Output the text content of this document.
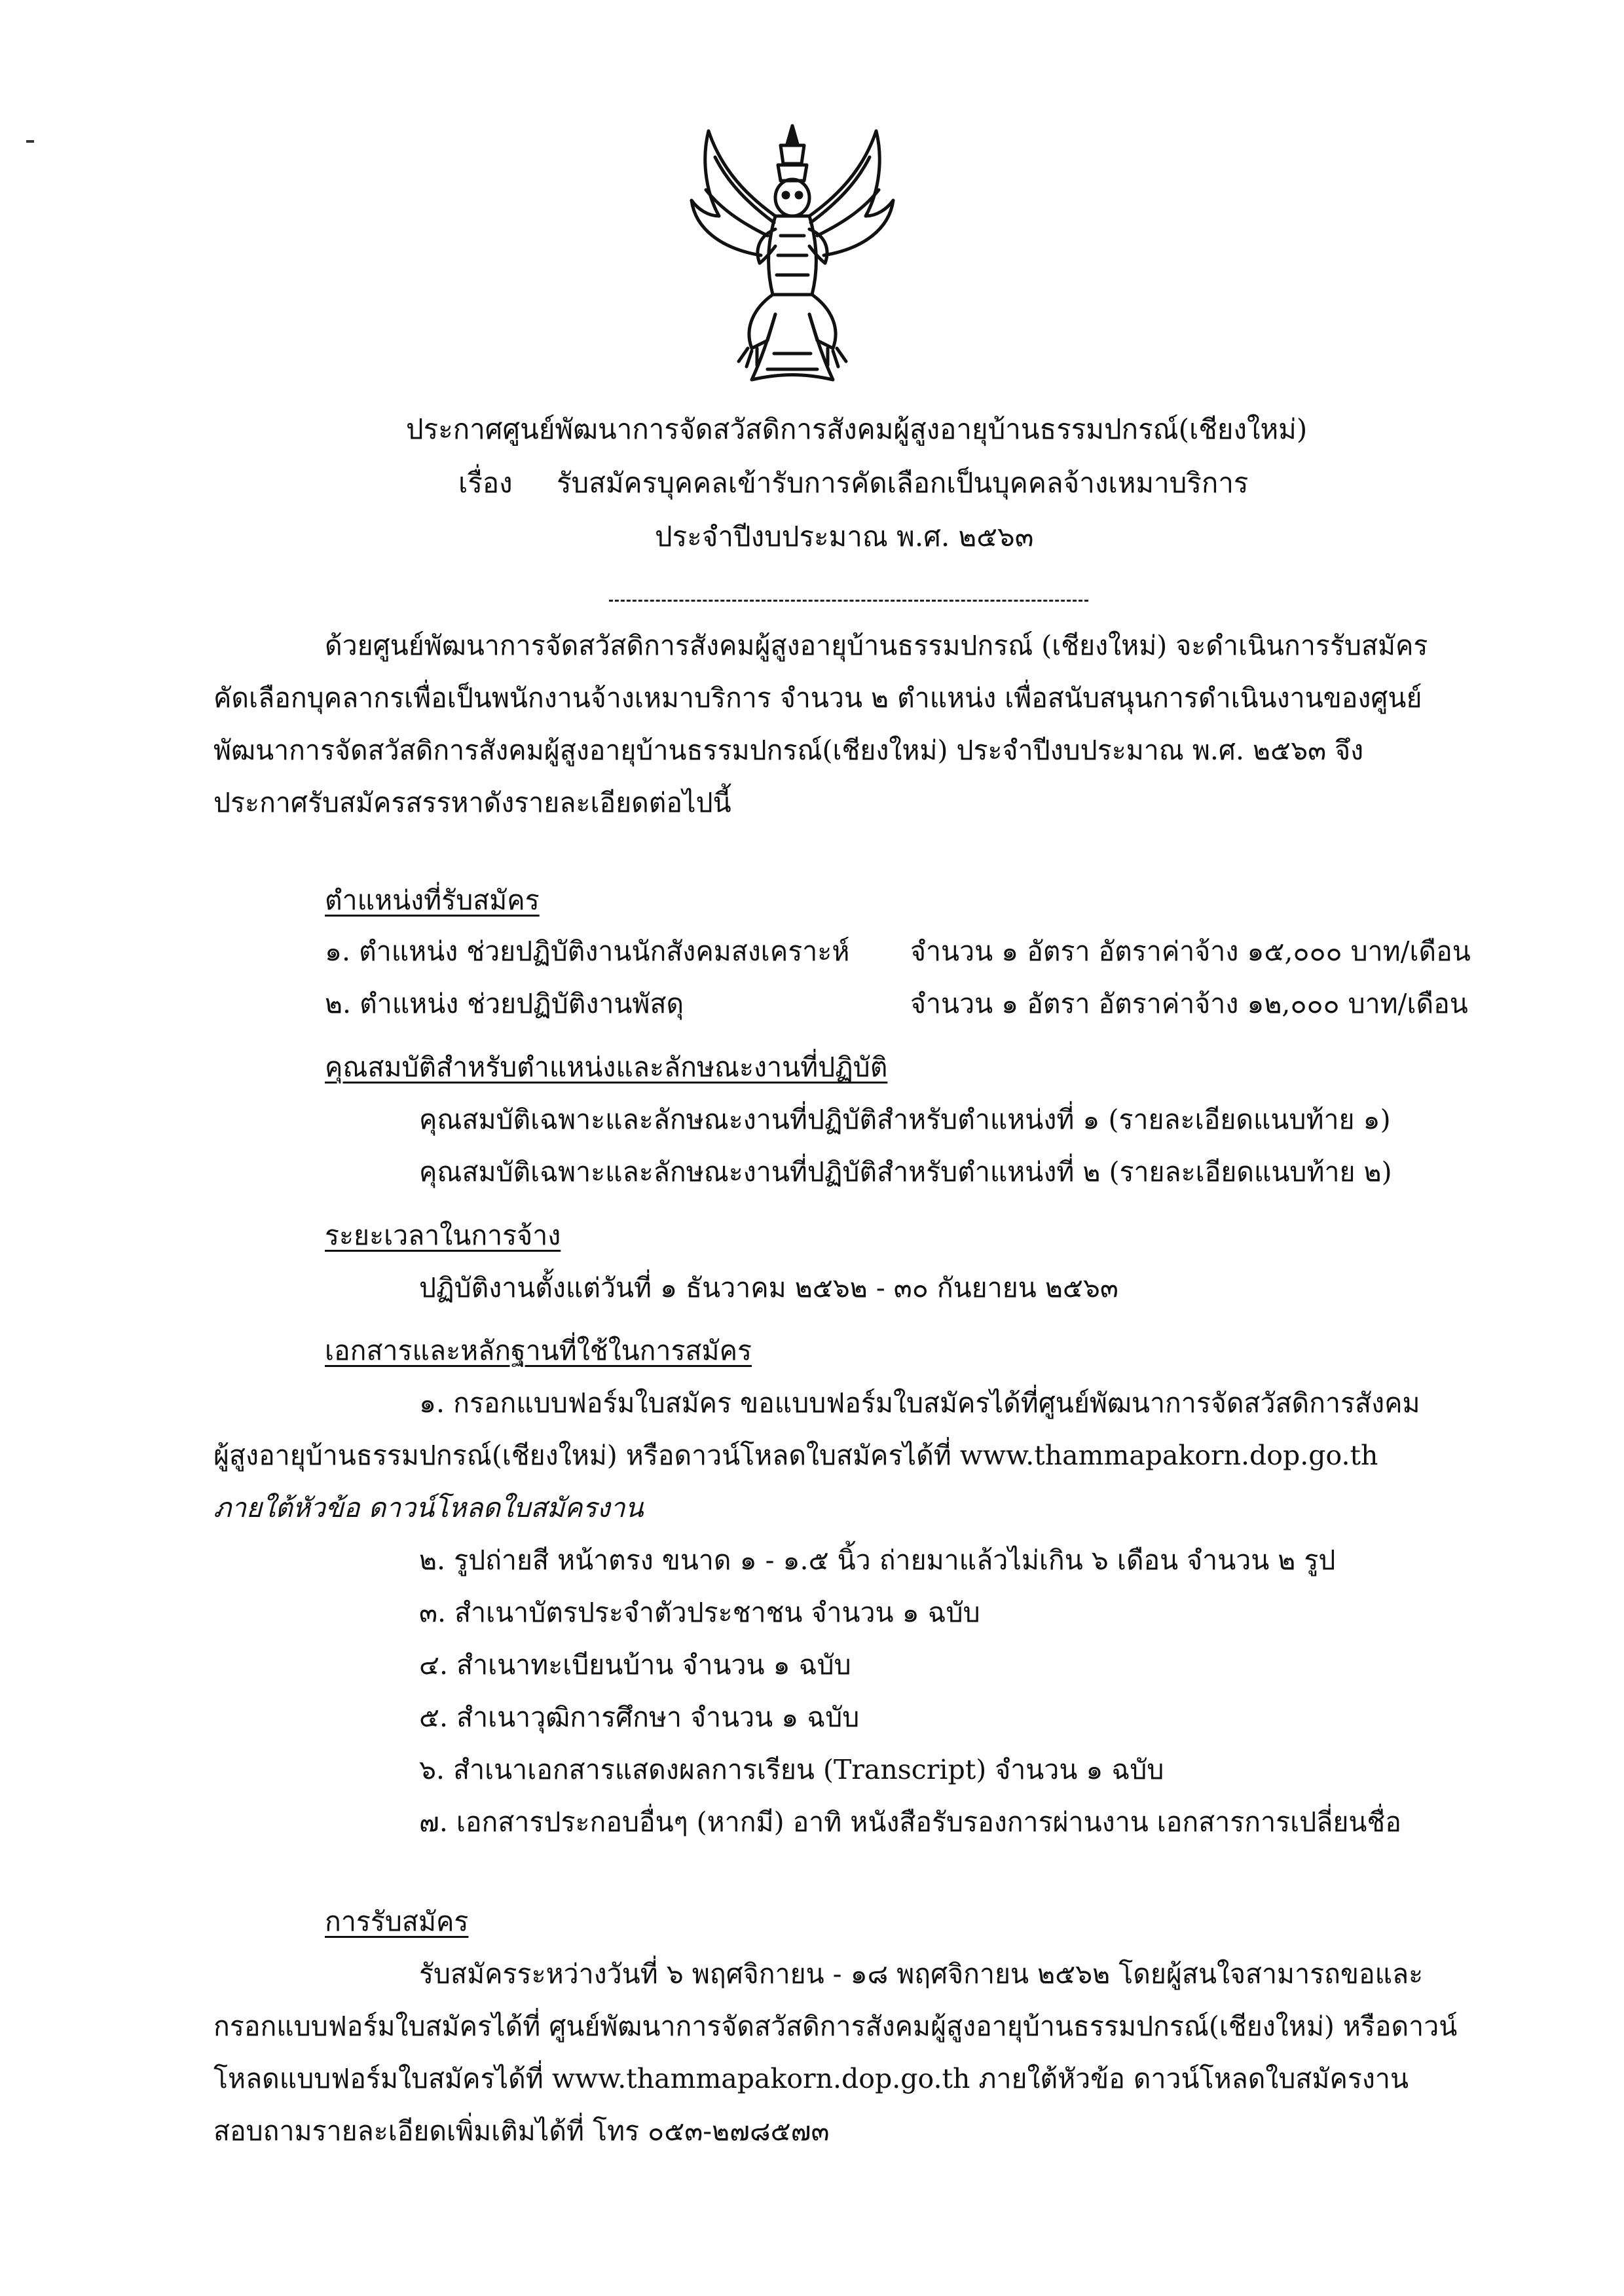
ประกาศศูนย์พัฒนาการจัดสวัสดิการสังคมผู้สูงอายุบ้านธรรมปกรณ์(เชียงใหม่)
เรื่อง รับสมัครบุคคลเข้ารับการคัดเลือกเป็นบุคคลจ้างเหมาบริการ
ประจำปีงบประมาณ พ.ศ. ๒๕๖๓
ด้วยศูนย์พัฒนาการจัดสวัสดิการสังคมผู้สูงอายุบ้านธรรมปกรณ์ (เชียงใหม่) จะดำเนินการรับสมัคร
คัดเลือกบุคลากรเพื่อเป็นพนักงานจ้างเหมาบริการ จำนวน ๒ ตำแหน่ง เพื่อสนับสนุนการดำเนินงานของศูนย์
พัฒนาการจัดสวัสดิการสังคมผู้สูงอายุบ้านธรรมปกรณ์(เชียงใหม่) ประจำปีงบประมาณ พ.ศ. ๒๕๖๓ จึง
ประกาศรับสมัครสรรหาดังรายละเอียดต่อไปนี้
ตำแหน่งที่รับสมัคร
๑. ตำแหน่ง ช่วยปฏิบัติงานนักสังคมสงเคราะห์ จำนวน ๑ อัตรา อัตราค่าจ้าง ๑๕,๐๐๐ บาท/เดือน
๒. ตำแหน่ง ช่วยปฏิบัติงานพัสดุ	จำนวน ๑ อัตรา อัตราค่าจ้าง ๑๒,๐๐๐ บาท/เดือน
คุณสมบัติสำหรับตำแหน่งและลักษณะงานที่ปฏิบัติ
คุณสมบัติเฉพาะและลักษณะงานที่ปฏิบัติสำหรับตำแหน่งที่ ๑ (รายละเอียดแนบท้าย ๑)
คุณสมบัติเฉพาะและลักษณะงานที่ปฏิบัติสำหรับตำแหน่งที่ ๒ (รายละเอียดแนบท้าย ๒)
ระยะเวลาในการจ้าง
ปฏิบัติงานตั้งแต่วันที่ ๑ ธันวาคม ๒๕๖๒ - ๓๐ กันยายน ๒๕๖๓
เอกสารและหลักฐานที่ใช้ในการสมัคร
๑. กรอกแบบฟอร์มใบสมัคร ขอแบบฟอร์มใบสมัครได้ที่ศูนย์พัฒนาการจัดสวัสดิการสังคม
ผู้สูงอายุบ้านธรรมปกรณ์(เชียงใหม่) หรือดาวน์โหลดใบสมัครได้ที่ www.thammapakorn.dop.go.th
ภายใต้หัวข้อ ดาวน์โหลดใบสมัครงาน
๒. รูปถ่ายสี หน้าตรง ขนาด ๑ - ๑.๕ นิ้ว ถ่ายมาแล้วไม่เกิน ๖ เดือน จำนวน ๒ รูป
๓. สำเนาบัตรประจำตัวประชาชน จำนวน ๑ ฉบับ
๔. สำเนาทะเบียนบ้าน จำนวน ๑ ฉบับ
๕. สำเนาวุฒิการศึกษา จำนวน ๑ ฉบับ
๖. สำเนาเอกสารแสดงผลการเรียน (Transcript) จำนวน ๑ ฉบับ
๗. เอกสารประกอบอื่นๆ (หากมี) อาทิ หนังสือรับรองการผ่านงาน เอกสารการเปลี่ยนชื่อ
การรับสมัคร
รับสมัครระหว่างวันที่ ๖ พฤศจิกายน - ๑๘ พฤศจิกายน ๒๕๖๒ โดยผู้สนใจสามารถขอและ
กรอกแบบฟอร์มใบสมัครได้ที่ ศูนย์พัฒนาการจัดสวัสดิการสังคมผู้สูงอายุบ้านธรรมปกรณ์(เชียงใหม่) หรือดาวน์
โหลดแบบฟอร์มใบสมัครได้ที่ www.thammapakorn.dop.go.th ภายใต้หัวข้อ ดาวน์โหลดใบสมัครงาน
สอบถามรายละเอียดเพิ่มเติมได้ที่ โทร ๐๕๓-๒๗๘๕๗๓
